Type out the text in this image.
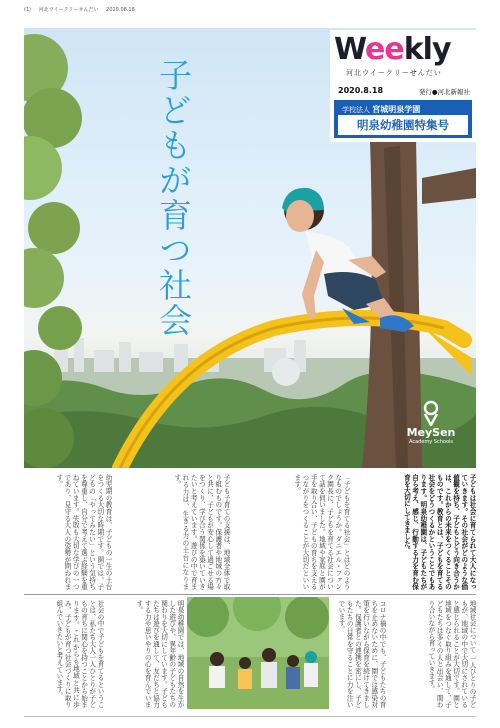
(1) 河北ウイークリーせんだい 2020.08.18
子どもが育つ社会
Weekly
河北ウイークリーせんだい
2020.8.18	発行●河北新報社
学校法人 宮城明泉学園
明泉幼稚園特集号
MeySen
Academy Schools
子どもは社会に育てられて大人になっていきます。その社会がどのような価値観を持ち、子どもとどう向き合うかは、これからの未来をつくることそのものです。教育とは、子どもを育てる社会をどうつくるかということでもあります。明泉幼稚園は、子どもたちが自ら考え、感じ、行動する力を育む保育を大切にしてきました。
「子どもを育てる社会」とはどのようなものでしょうか。ダニエル・ファンク園長に、子どもを育てる社会について話を伺いました。地域や家庭と園が手を取り合い、子どもの育ちを支えるつながりをつくることが大切だといいます。
子ども子育ての支援は、地域全体で取り組むものです。保護者や地域の方々と共に、子どもが安心して過ごせる場をつくり、学び合う関係を築いていきたいと考えています。遊びの中で育まれる力は、生きる力の土台になります。
幼児期の教育は、子どもの一生の土台をつくる大切な時期です。園では、子どもの「やってみたい」という気持ちを尊重し、自分で考えて選ぶ経験を重ねています。失敗も大切な学びの一つであり、見守る大人の姿勢が問われます。
地域社会について 一人ひとりの子どもが、地域の中で大切にされていると感じられることが大切です。園と地域をつなぐ取り組みを通して、子どもたちは多くの人と出会い、関わり合いながら育っていきます。
コロナ禍の中でも、子どもたちの育ちを止めないために、園では感染対策を行いながら保育を続けてきました。保護者との連携を密にし、子どもたちの日常を守ることに力を注いでいます。
明泉幼稚園では、地域の自然を生かした遊びや、異年齢の子どもたちの関わりを大切にしています。子どもたちは遊びを通して、友だちと協力する力や思いやりの心を育んでいます。
社会の中で子どもを育てるということは、私たち大人一人ひとりが子どもの育ちに関心を持つことから始まります。これからも地域と共に歩み、子どもが育つ社会づくりに取り組んでいきたいと考えています。
